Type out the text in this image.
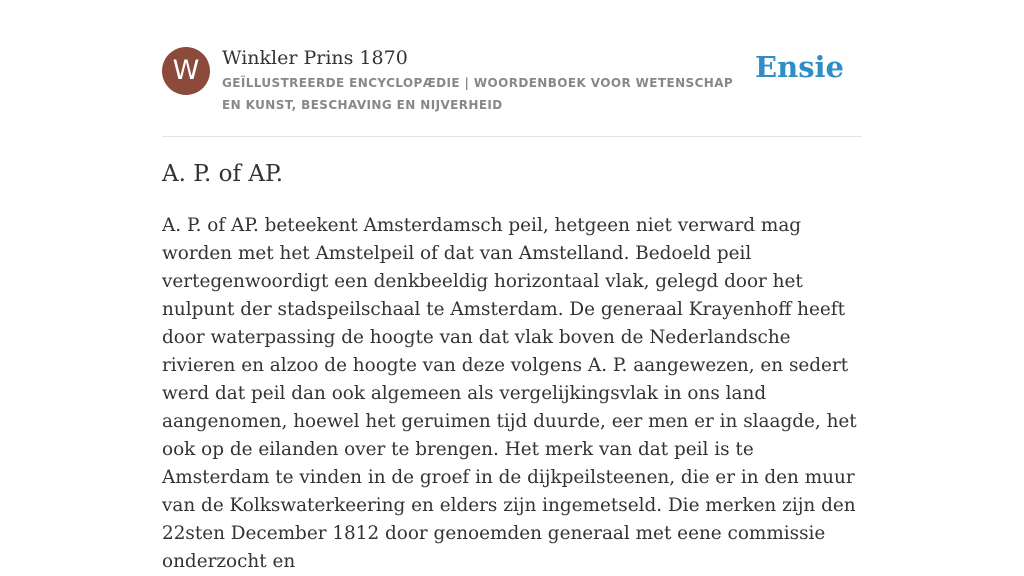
W	Winkler Prins 1870
GEÏLLUSTREERDE ENCYCLOPÆDIE | WOORDENBOEK VOOR WETENSCHAP EN KUNST, BESCHAVING EN NIJVERHEID
Ensie
A. P. of AP.

A. P. of AP. beteekent Amsterdamsch peil, hetgeen niet verward mag worden met het Amstelpeil of dat van Amstelland. Bedoeld peil vertegenwoordigt een denkbeeldig horizontaal vlak, gelegd door het nulpunt der stadspeilschaal te Amsterdam. De generaal Krayenhoff heeft door waterpassing de hoogte van dat vlak boven de Nederlandsche rivieren en alzoo de hoogte van deze volgens A. P. aangewezen, en sedert werd dat peil dan ook algemeen als vergelijkingsvlak in ons land aangenomen, hoewel het geruimen tijd duurde, eer men er in slaagde, het ook op de eilanden over te brengen. Het merk van dat peil is te Amsterdam te vinden in de groef in de dijkpeilsteenen, die er in den muur van de Kolkswaterkeering en elders zijn ingemetseld. Die merken zijn den 22sten December 1812 door genoemden generaal met eene commissie onderzocht en
